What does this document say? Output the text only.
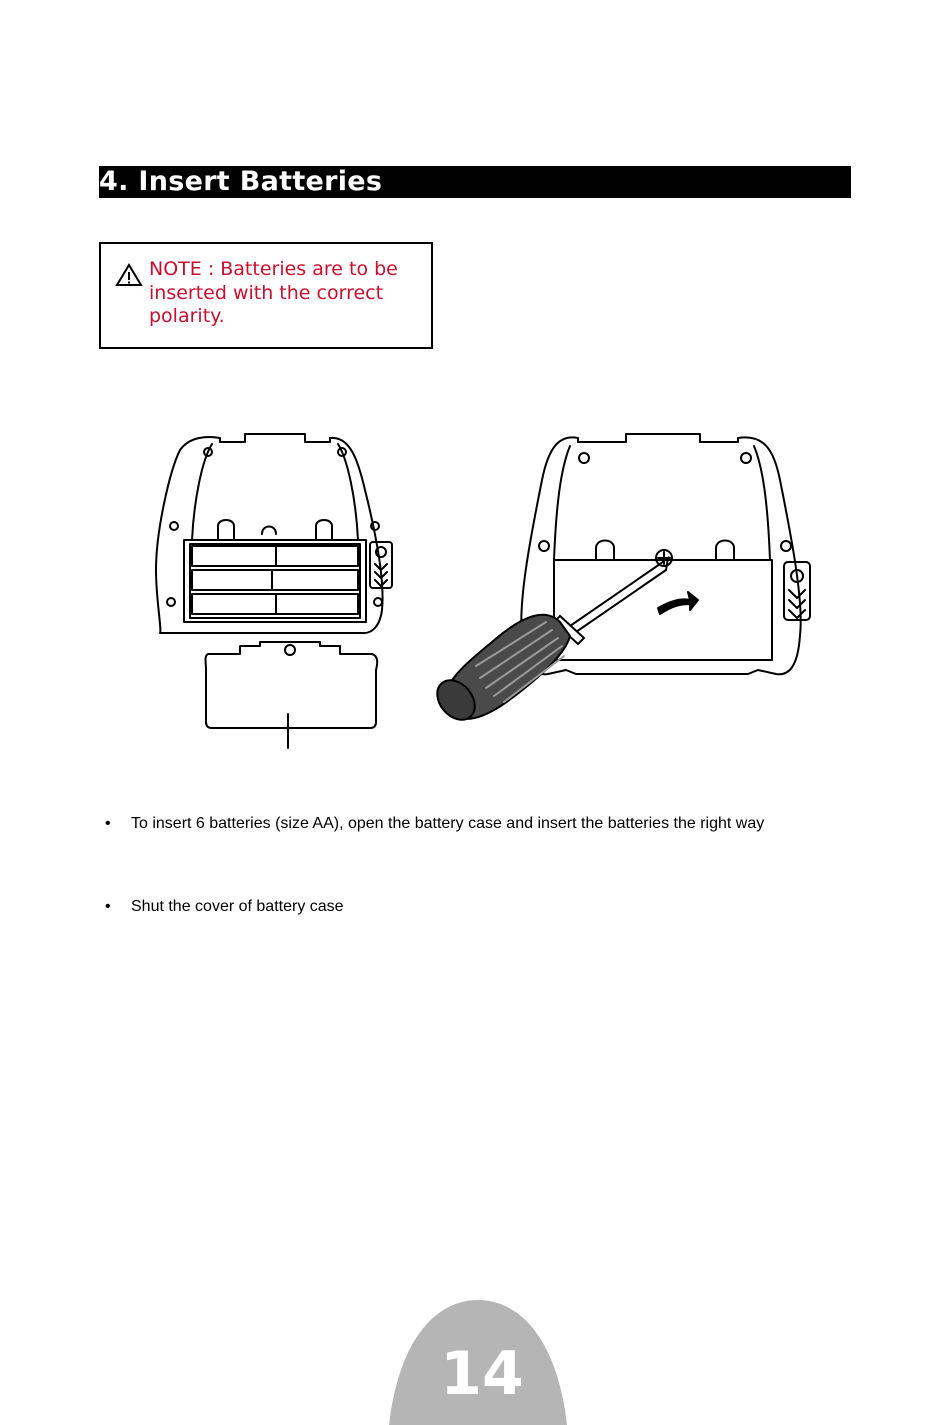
4. Insert Batteries
NOTE : Batteries are to be inserted with the correct polarity.
• To insert 6 batteries (size AA), open the battery case and insert the batteries the right way
• Shut the cover of battery case
14
